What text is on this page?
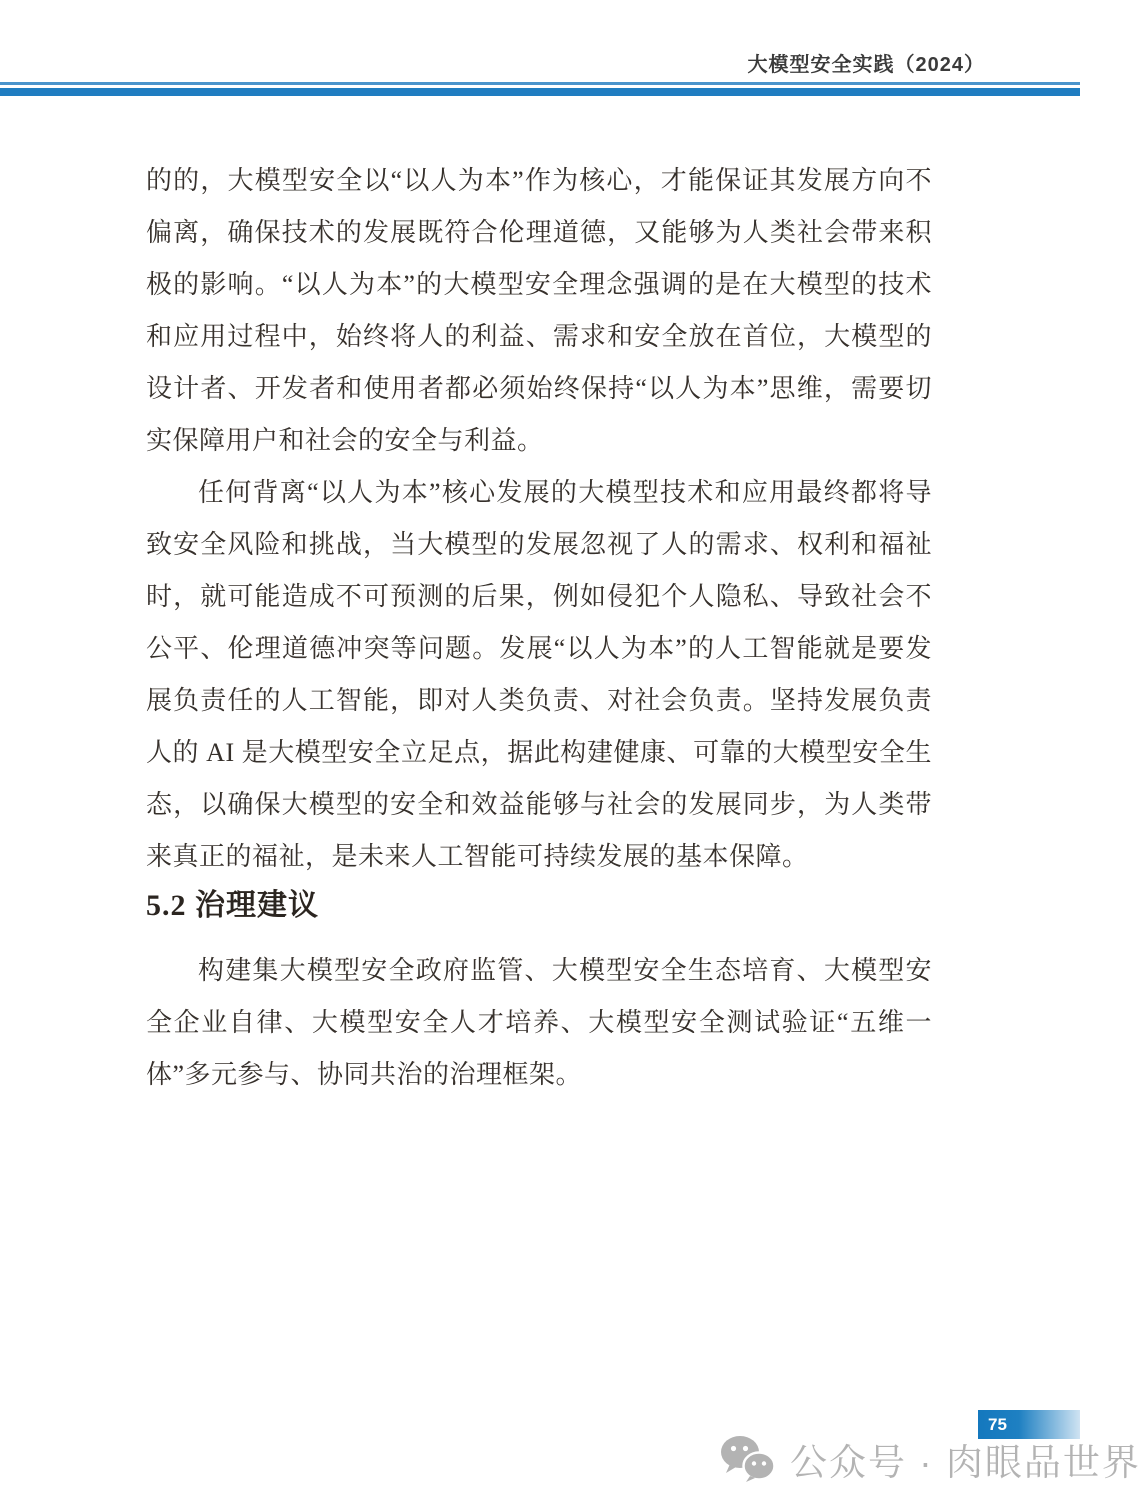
大模型安全实践（2024）

的的，大模型安全以“以人为本”作为核心，才能保证其发展方向不偏离，确保技术的发展既符合伦理道德，又能够为人类社会带来积极的影响。“以人为本”的大模型安全理念强调的是在大模型的技术和应用过程中，始终将人的利益、需求和安全放在首位，大模型的设计者、开发者和使用者都必须始终保持“以人为本”思维，需要切实保障用户和社会的安全与利益。

任何背离“以人为本”核心发展的大模型技术和应用最终都将导致安全风险和挑战，当大模型的发展忽视了人的需求、权利和福祉时，就可能造成不可预测的后果，例如侵犯个人隐私、导致社会不公平、伦理道德冲突等问题。发展“以人为本”的人工智能就是要发展负责任的人工智能，即对人类负责、对社会负责。坚持发展负责人的 AI 是大模型安全立足点，据此构建健康、可靠的大模型安全生态，以确保大模型的安全和效益能够与社会的发展同步，为人类带来真正的福祉，是未来人工智能可持续发展的基本保障。

5.2 治理建议

构建集大模型安全政府监管、大模型安全生态培育、大模型安全企业自律、大模型安全人才培养、大模型安全测试验证“五维一体”多元参与、协同共治的治理框架。

75
公众号 · 肉眼品世界
